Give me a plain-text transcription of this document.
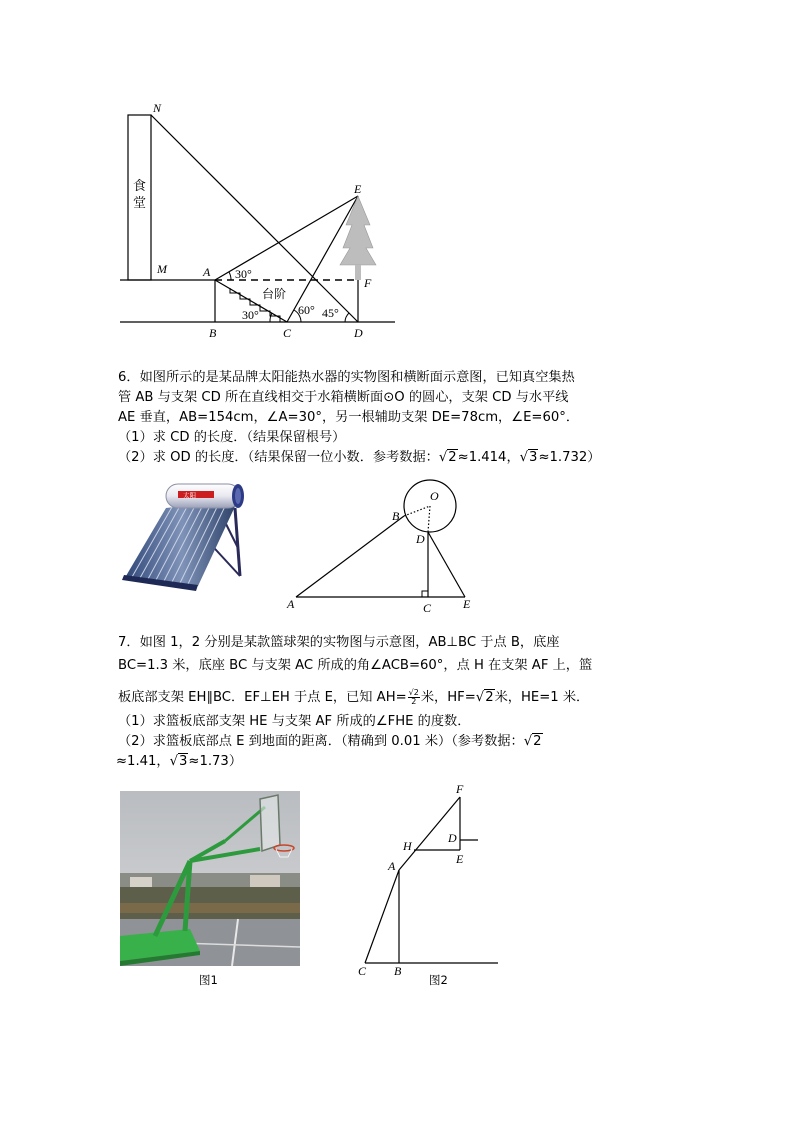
食
堂
N
M	A
B	C	D
E
F
30°
30°	60° 45°
台阶
6．如图所示的是某品牌太阳能热水器的实物图和横断面示意图，已知真空集热
管 AB 与支架 CD 所在直线相交于水箱横断面⊙O 的圆心，支架 CD 与水平线
AE 垂直，AB=154cm，∠A=30°，另一根辅助支架 DE=78cm，∠E=60°．
（1）求 CD 的长度．（结果保留根号）
（2）求 OD 的长度．（结果保留一位小数．参考数据：√2≈1.414，√3≈1.732）
太阳	O
B
D
A	C	E
7．如图 1，2 分别是某款篮球架的实物图与示意图，AB⊥BC 于点 B，底座
BC=1.3 米，底座 BC 与支架 AC 所成的角∠ACB=60°，点 H 在支架 AF 上，篮
板底部支架 EH∥BC．EF⊥EH 于点 E，已知 $AH= \frac{√2}{2}$ 米，HF=√2米，HE=1 米．
（1）求篮板底部支架 HE 与支架 AF 所成的∠FHE 的度数．
（2）求篮板底部点 E 到地面的距离．（精确到 0.01 米）（参考数据：√2
≈1.41，√3≈1.73）
图1
F
H
D
E
A
C B
图2
